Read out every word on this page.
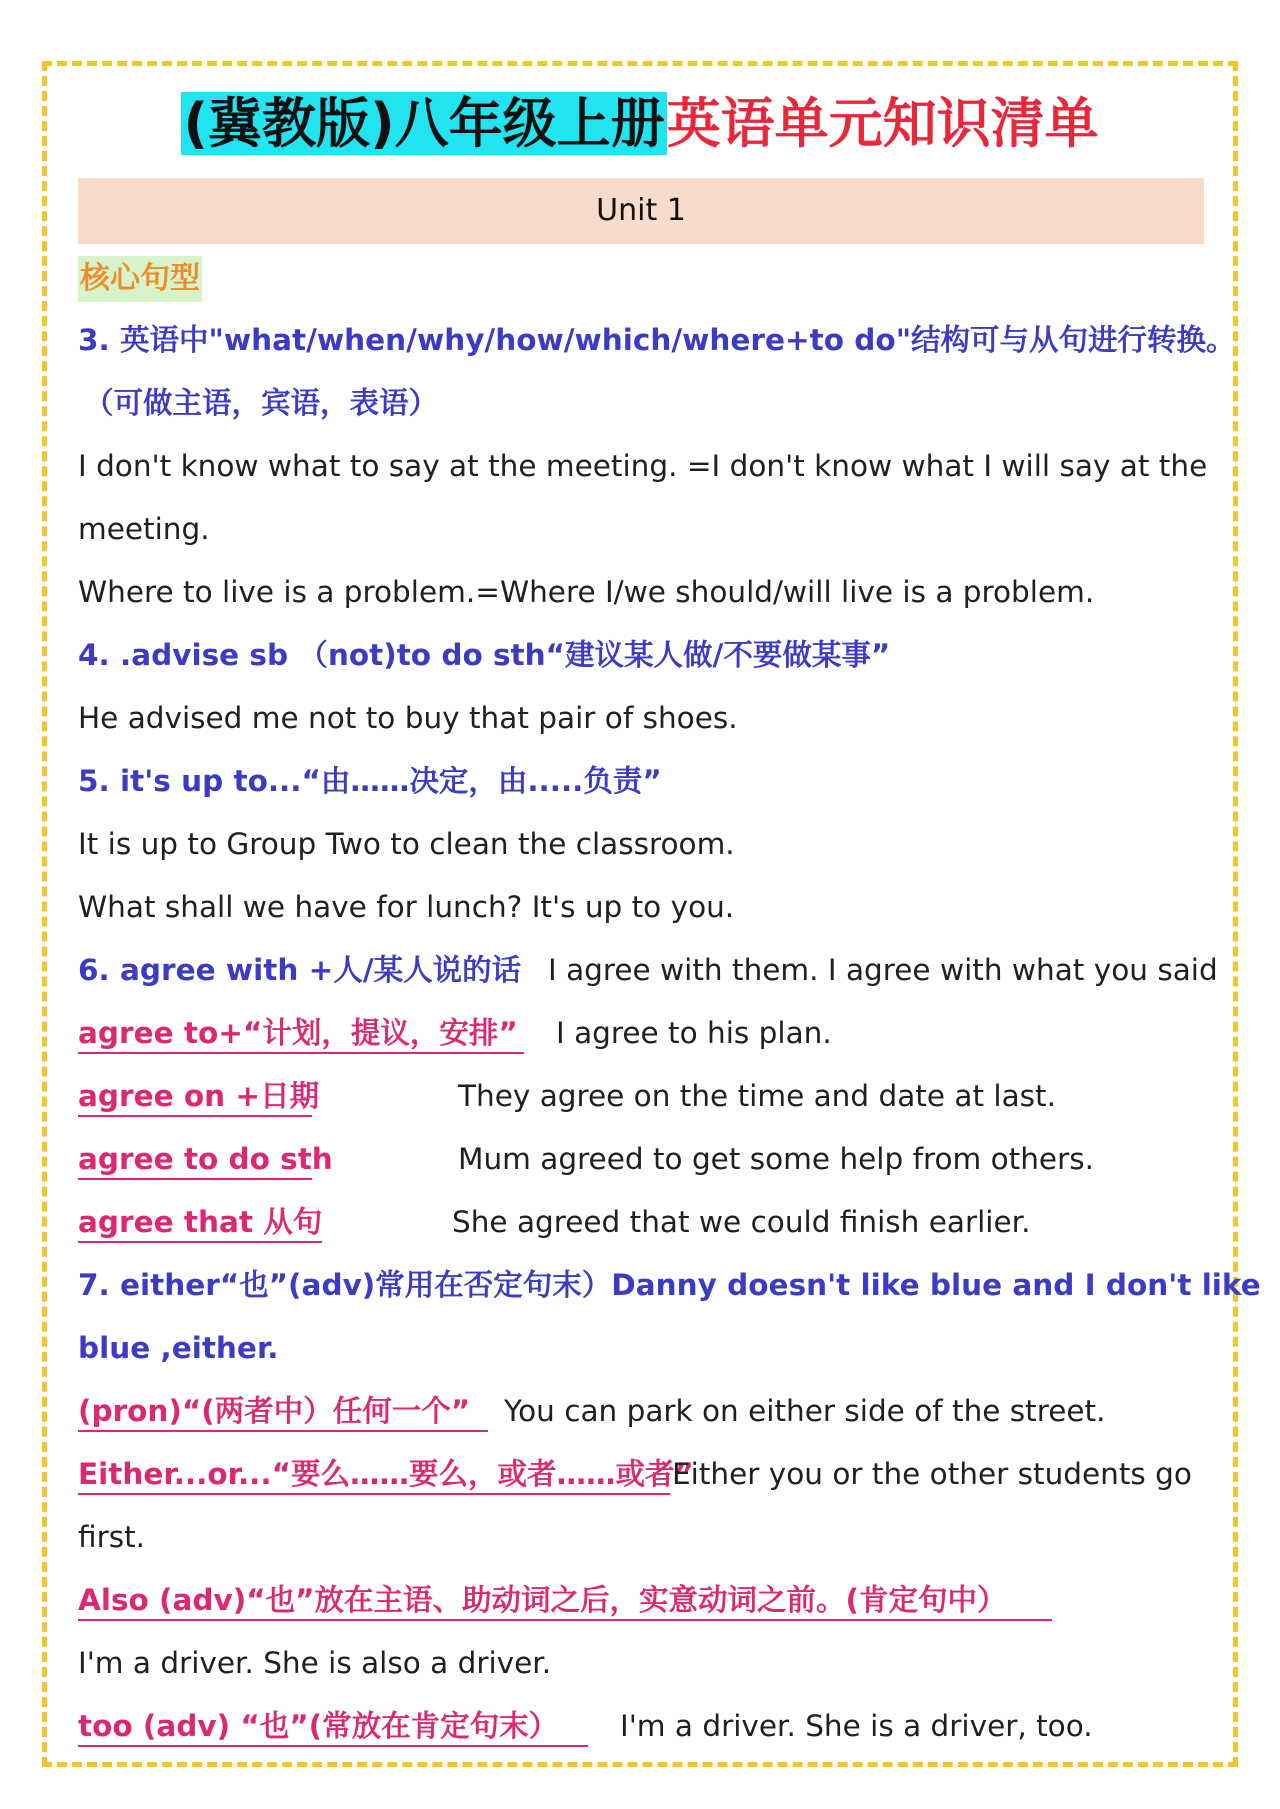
(冀教版)八年级上册英语单元知识清单
Unit 1
核心句型
3. 英语中"what/when/why/how/which/where+to do"结构可与从句进行转换。
（可做主语，宾语，表语）
I don't know what to say at the meeting. =I don't know what I will say at the
meeting.
Where to live is a problem.=Where I/we should/will live is a problem.
4. .advise sb （not)to do sth“建议某人做/不要做某事”
He advised me not to buy that pair of shoes.
5. it's up to...“由……决定，由.....负责”
It is up to Group Two to clean the classroom.
What shall we have for lunch? It's up to you.
6. agree with +人/某人说的话 I agree with them. I agree with what you said
agree to+“计划，提议，安排” I agree to his plan.
agree on +日期	They agree on the time and date at last.
agree to do sth	Mum agreed to get some help from others.
agree that 从句	She agreed that we could finish earlier.
7. either“也”(adv)常用在否定句末）Danny doesn't like blue and I don't like
blue ,either.
(pron)“(两者中）任何一个”	You can park on either side of the street.
Either...or...“要么……要么，或者……或者”
Either you or the other students go
first.
Also (adv)“也”放在主语、助动词之后，实意动词之前。(肯定句中）
I'm a driver. She is also a driver.
too (adv) “也”(常放在肯定句末）	I'm a driver. She is a driver, too.
